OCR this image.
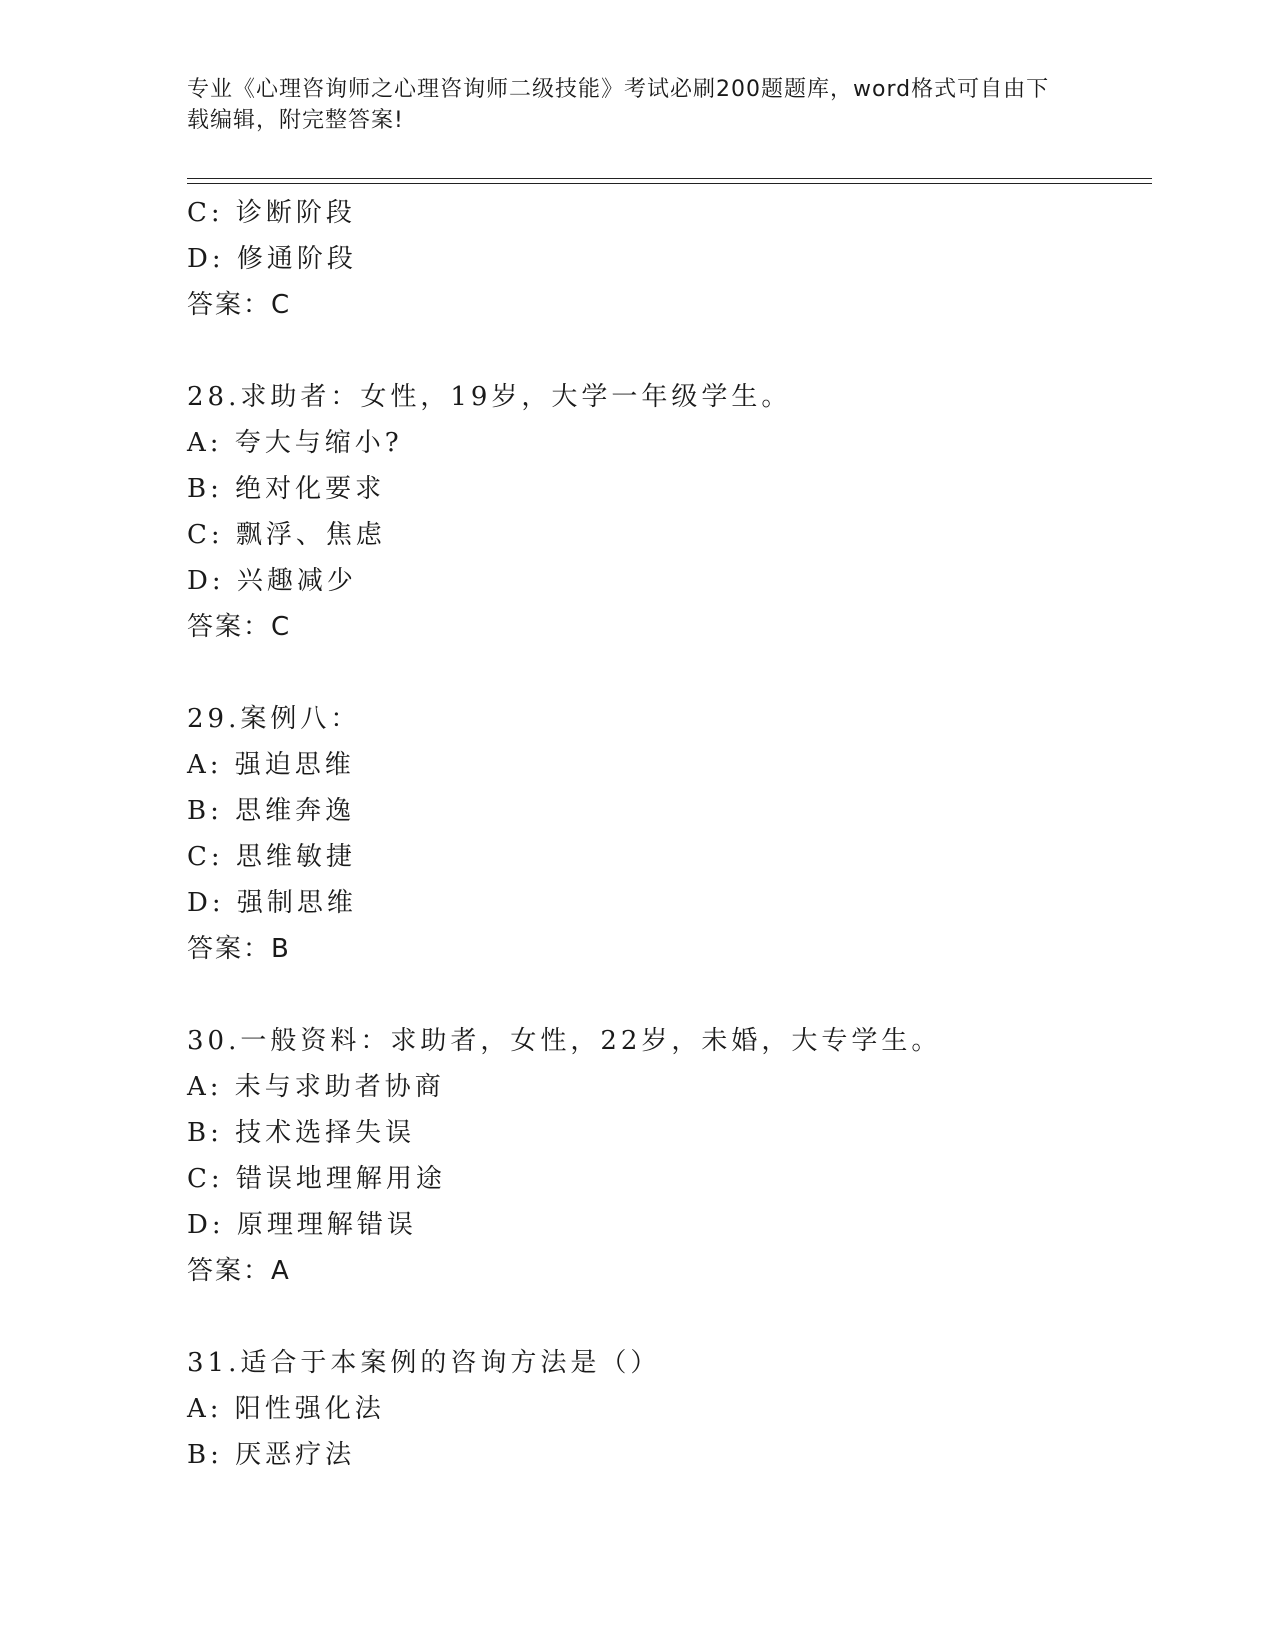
专业《心理咨询师之心理咨询师二级技能》考试必刷200题题库，word格式可自由下载编辑，附完整答案!
C: 诊断阶段
D: 修通阶段
答案：C
28.求助者：女性，19岁，大学一年级学生。
A: 夸大与缩小?
B: 绝对化要求
C: 飘浮、焦虑
D: 兴趣减少
答案：C
29.案例八：
A: 强迫思维
B: 思维奔逸
C: 思维敏捷
D: 强制思维
答案：B
30.一般资料：求助者，女性，22岁，未婚，大专学生。
A: 未与求助者协商
B: 技术选择失误
C: 错误地理解用途
D: 原理理解错误
答案：A
31.适合于本案例的咨询方法是（）
A: 阳性强化法
B: 厌恶疗法
